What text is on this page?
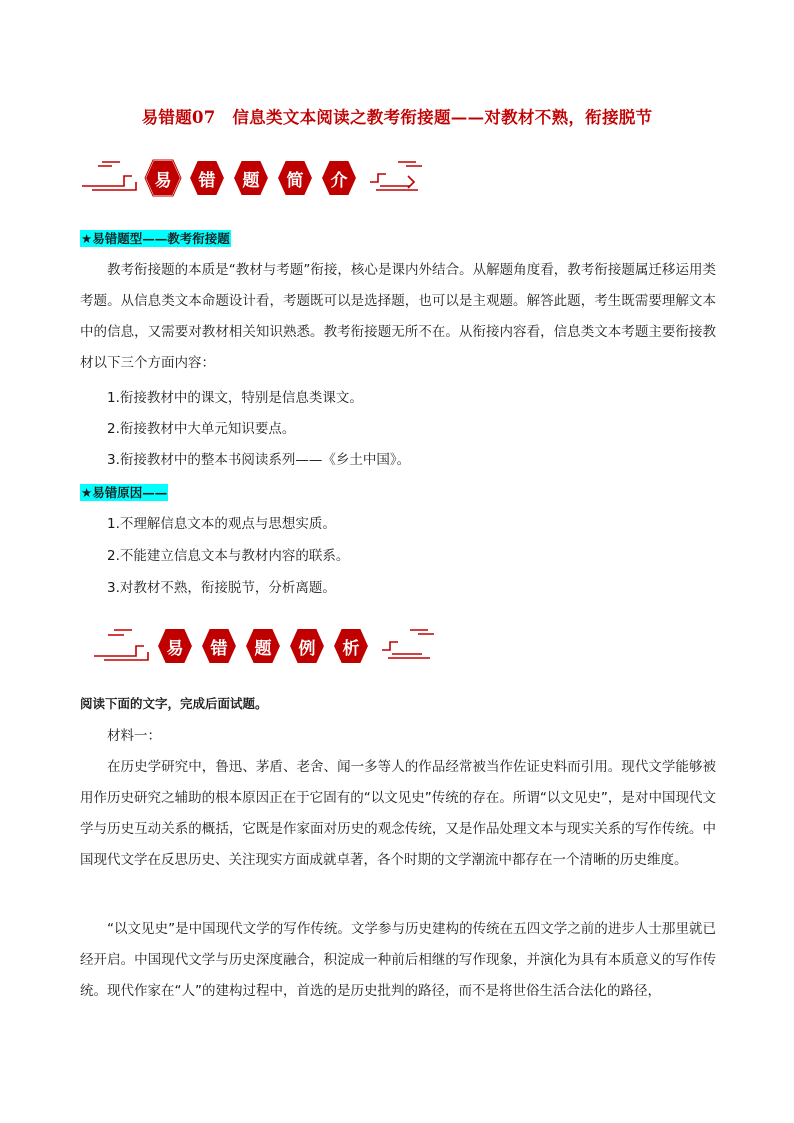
易错题07　信息类文本阅读之教考衔接题——对教材不熟，衔接脱节
易 错 题 简 介
★易错题型——教考衔接题

教考衔接题的本质是“教材与考题”衔接，核心是课内外结合。从解题角度看，教考衔接题属迁移运用类考题。从信息类文本命题设计看，考题既可以是选择题，也可以是主观题。解答此题，考生既需要理解文本中的信息，又需要对教材相关知识熟悉。教考衔接题无所不在。从衔接内容看，信息类文本考题主要衔接教材以下三个方面内容：

1.衔接教材中的课文，特别是信息类课文。
2.衔接教材中大单元知识要点。
3.衔接教材中的整本书阅读系列——《乡土中国》。
★易错原因——
1.不理解信息文本的观点与思想实质。
2.不能建立信息文本与教材内容的联系。
3.对教材不熟，衔接脱节，分析离题。
易 错 题 例 析
阅读下面的文字，完成后面试题。
材料一：

在历史学研究中，鲁迅、茅盾、老舍、闻一多等人的作品经常被当作佐证史料而引用。现代文学能够被用作历史研究之辅助的根本原因正在于它固有的“以文见史”传统的存在。所谓“以文见史”，是对中国现代文学与历史互动关系的概括，它既是作家面对历史的观念传统，又是作品处理文本与现实关系的写作传统。中国现代文学在反思历史、关注现实方面成就卓著，各个时期的文学潮流中都存在一个清晰的历史维度。

“以文见史”是中国现代文学的写作传统。文学参与历史建构的传统在五四文学之前的进步人士那里就已经开启。中国现代文学与历史深度融合，积淀成一种前后相继的写作现象，并演化为具有本质意义的写作传统。现代作家在“人”的建构过程中，首选的是历史批判的路径，而不是将世俗生活合法化的路径，
